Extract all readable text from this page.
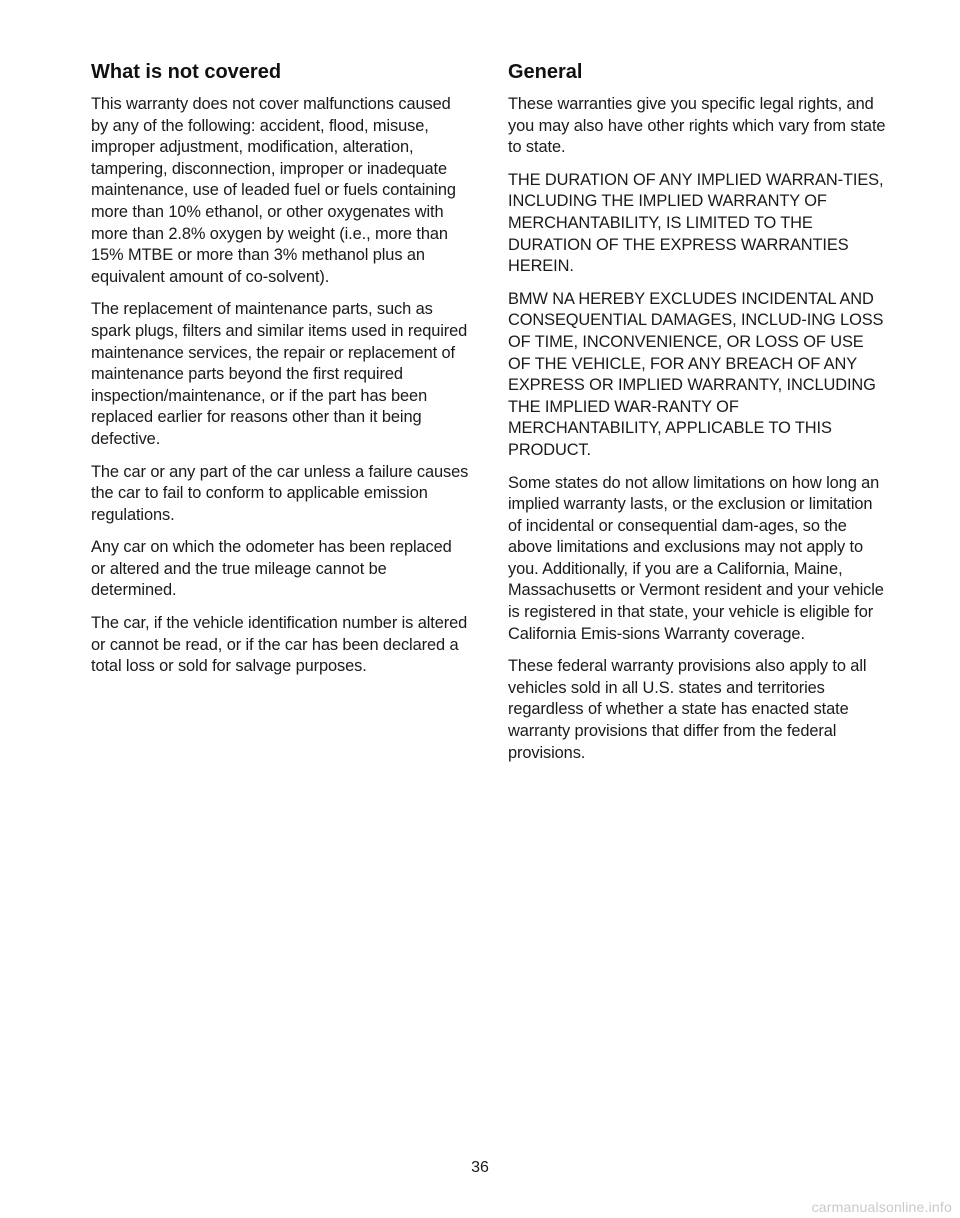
What is not covered

This warranty does not cover malfunctions caused by any of the following: accident, flood, misuse, improper adjustment, modification, alteration, tampering, disconnection, improper or inadequate maintenance, use of leaded fuel or fuels containing more than 10% ethanol, or other oxygenates with more than 2.8% oxygen by weight (i.e., more than 15% MTBE or more than 3% methanol plus an equivalent amount of co-solvent).

The replacement of maintenance parts, such as spark plugs, filters and similar items used in required maintenance services, the repair or replacement of maintenance parts beyond the first required inspection/maintenance, or if the part has been replaced earlier for reasons other than it being defective.

The car or any part of the car unless a failure causes the car to fail to conform to applicable emission regulations.

Any car on which the odometer has been replaced or altered and the true mileage cannot be determined.

The car, if the vehicle identification number is altered or cannot be read, or if the car has been declared a total loss or sold for salvage purposes.

General

These warranties give you specific legal rights, and you may also have other rights which vary from state to state.

THE DURATION OF ANY IMPLIED WARRAN-TIES, INCLUDING THE IMPLIED WARRANTY OF MERCHANTABILITY, IS LIMITED TO THE DURATION OF THE EXPRESS WARRANTIES HEREIN.

BMW NA HEREBY EXCLUDES INCIDENTAL AND CONSEQUENTIAL DAMAGES, INCLUD-ING LOSS OF TIME, INCONVENIENCE, OR LOSS OF USE OF THE VEHICLE, FOR ANY BREACH OF ANY EXPRESS OR IMPLIED WARRANTY, INCLUDING THE IMPLIED WAR-RANTY OF MERCHANTABILITY, APPLICABLE TO THIS PRODUCT.

Some states do not allow limitations on how long an implied warranty lasts, or the exclusion or limitation of incidental or consequential dam-ages, so the above limitations and exclusions may not apply to you. Additionally, if you are a California, Maine, Massachusetts or Vermont resident and your vehicle is registered in that state, your vehicle is eligible for California Emis-sions Warranty coverage.

These federal warranty provisions also apply to all vehicles sold in all U.S. states and territories regardless of whether a state has enacted state warranty provisions that differ from the federal provisions.

36
carmanualsonline.info
